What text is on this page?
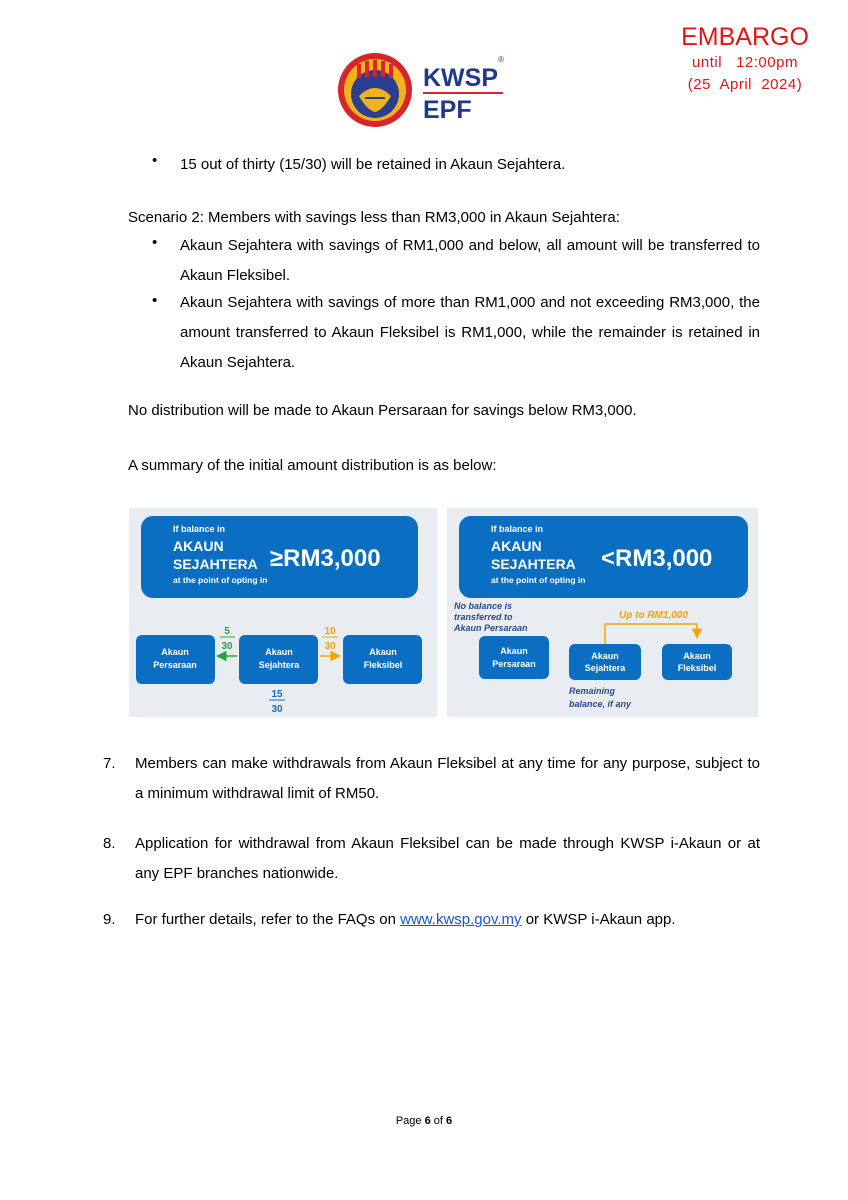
KWSP
®
EPF
EMBARGO
until   12:00pm
(25  April  2024)
• 15 out of thirty (15/30) will be retained in Akaun Sejahtera.
Scenario 2: Members with savings less than RM3,000 in Akaun Sejahtera:
• Akaun Sejahtera with savings of RM1,000 and below, all amount will be transferred to Akaun Fleksibel.
• Akaun Sejahtera with savings of more than RM1,000 and not exceeding RM3,000, the amount transferred to Akaun Fleksibel is RM1,000, while the remainder is retained in Akaun Sejahtera.
No distribution will be made to Akaun Persaraan for savings below RM3,000.
A summary of the initial amount distribution is as below:
If balance in
AKAUN
SEJAHTERA
at the point of opting in
≥RM3,000
Akaun
Persaraan
Akaun
Sejahtera
Akaun
Fleksibel
5
30
10
30
15
30
If balance in
AKAUN
SEJAHTERA
at the point of opting in
<RM3,000
No balance is
transferred to
Akaun Persaraan
Up to RM1,000
Akaun
Persaraan
Akaun
Sejahtera
Akaun
Fleksibel
Remaining
balance, if any
7. Members can make withdrawals from Akaun Fleksibel at any time for any purpose, subject to a minimum withdrawal limit of RM50.
8. Application for withdrawal from Akaun Fleksibel can be made through KWSP i-Akaun or at any EPF branches nationwide.
9. For further details, refer to the FAQs on www.kwsp.gov.my or KWSP i-Akaun app.
Page 6 of 6
